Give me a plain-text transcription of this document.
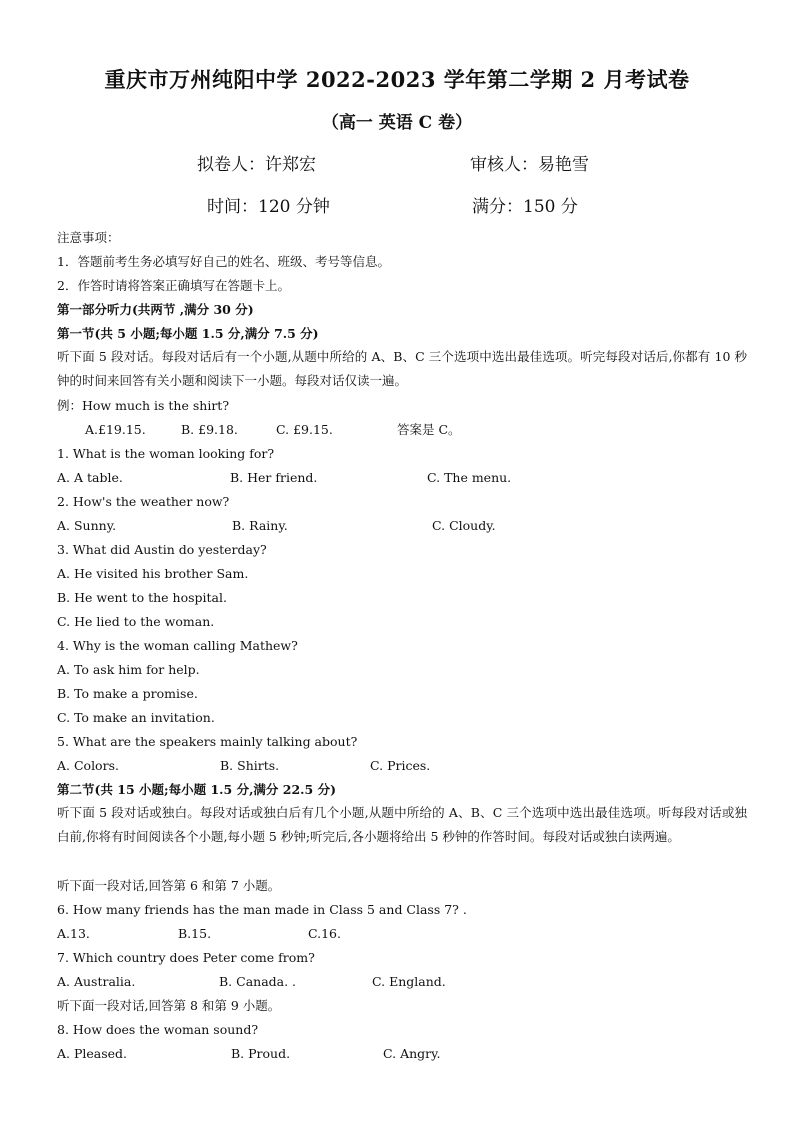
重庆市万州纯阳中学 2022-2023 学年第二学期 2 月考试卷
（高一 英语 C 卷）
拟卷人：许郑宏	审核人：易艳雪
时间：120 分钟	满分：150 分
注意事项：
1．答题前考生务必填写好自己的姓名、班级、考号等信息。
2．作答时请将答案正确填写在答题卡上。
第一部分听力(共两节 ,满分 30 分)
第一节(共 5 小题;每小题 1.5 分,满分 7.5 分)
听下面 5 段对话。每段对话后有一个小题,从题中所给的 A、B、C 三个选项中选出最佳选项。听完每段对话后,你都有 10 秒钟的时间来回答有关小题和阅读下一小题。每段对话仅读一遍。
例：How much is the shirt?
A.£19.15.	B. £9.18.	C. £9.15.	答案是 C。
1. What is the woman looking for?
A. A table.	B. Her friend.	C. The menu.
2. How's the weather now?
A. Sunny.	B. Rainy.	C. Cloudy.
3. What did Austin do yesterday?
A. He visited his brother Sam.
B. He went to the hospital.
C. He lied to the woman.
4. Why is the woman calling Mathew?
A. To ask him for help.
B. To make a promise.
C. To make an invitation.
5. What are the speakers mainly talking about?
A. Colors.	B. Shirts.	C. Prices.
第二节(共 15 小题;每小题 1.5 分,满分 22.5 分)
听下面 5 段对话或独白。每段对话或独白后有几个小题,从题中所给的 A、B、C 三个选项中选出最佳选项。听每段对话或独白前,你将有时间阅读各个小题,每小题 5 秒钟;听完后,各小题将给出 5 秒钟的作答时间。每段对话或独白读两遍。
听下面一段对话,回答第 6 和第 7 小题。
6. How many friends has the man made in Class 5 and Class 7? .
A.13.	B.15.	C.16.
7. Which country does Peter come from?
A. Australia.	B. Canada. .	C. England.
听下面一段对话,回答第 8 和第 9 小题。
8. How does the woman sound?
A. Pleased.	B. Proud.	C. Angry.
